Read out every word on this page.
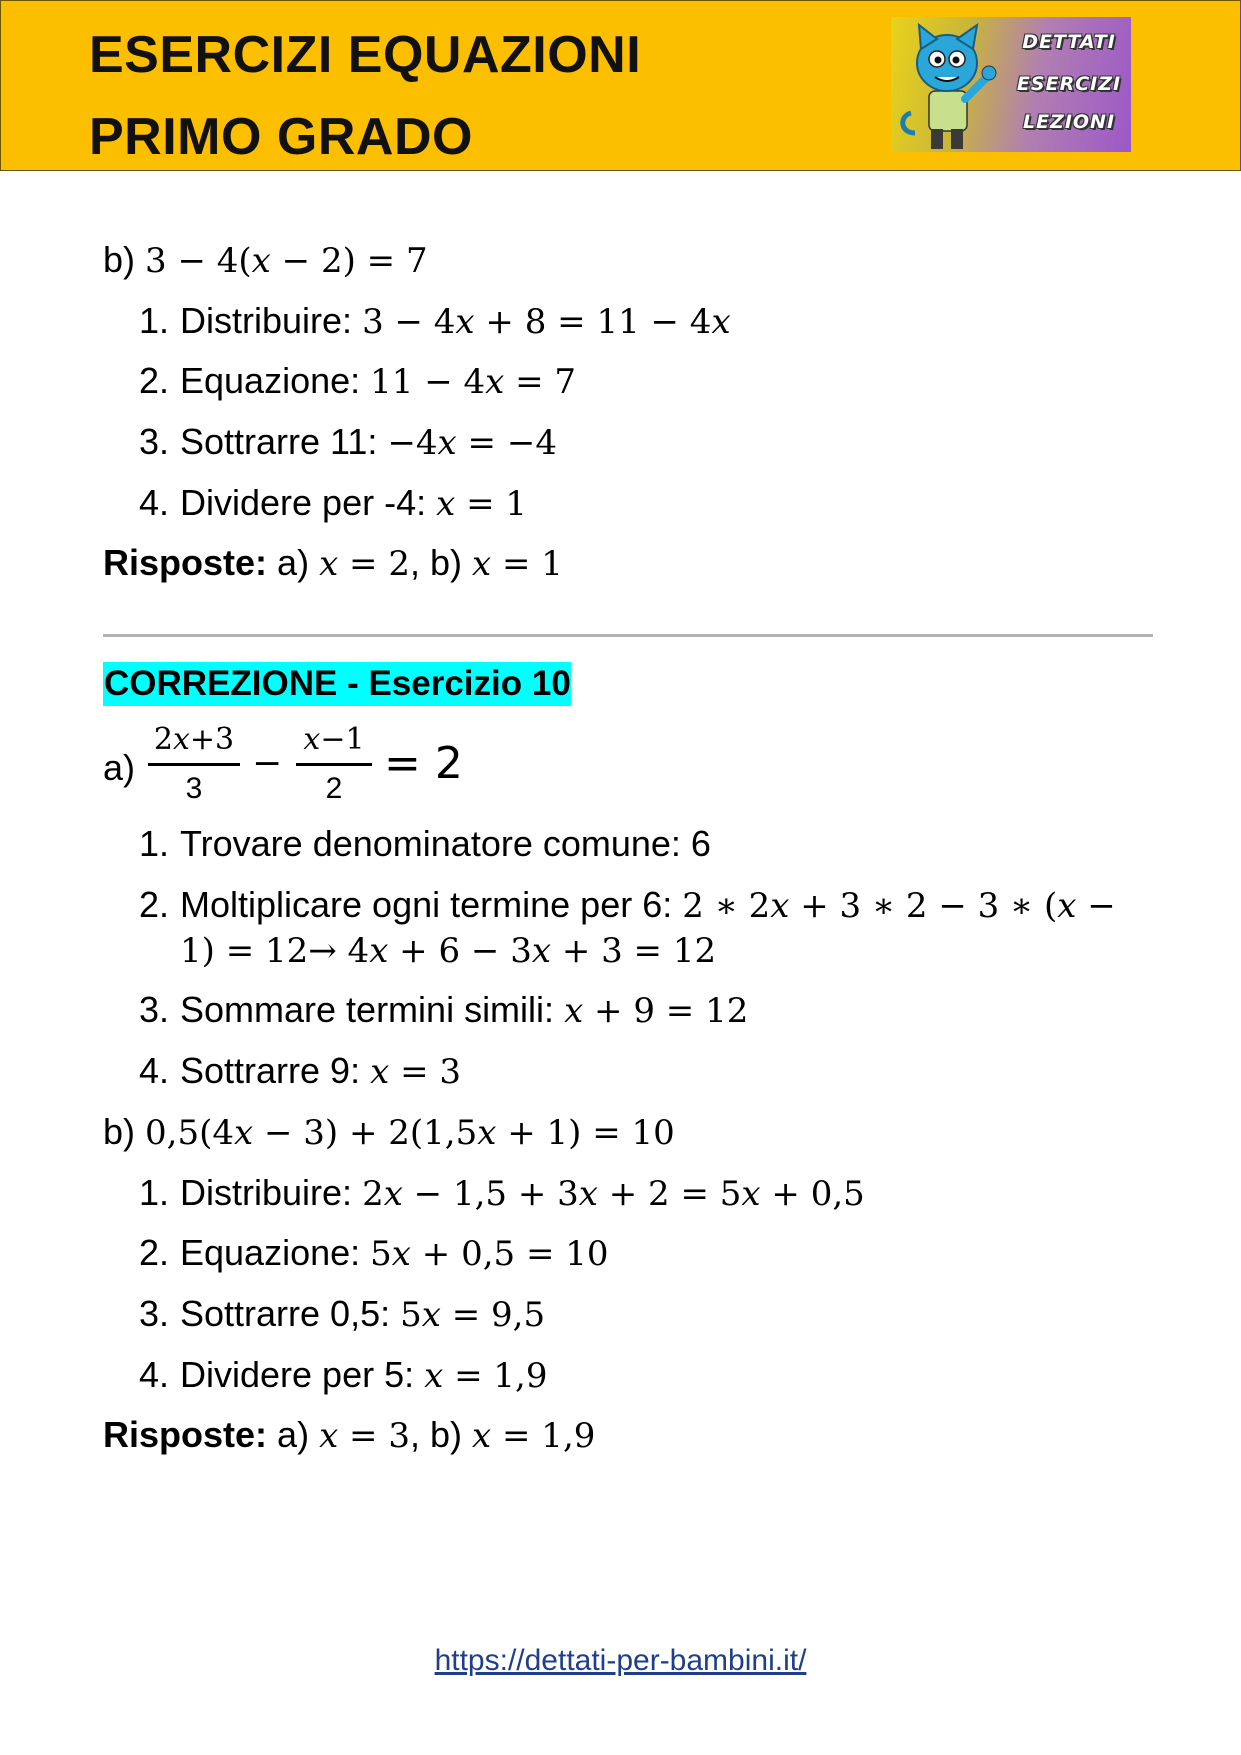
ESERCIZI EQUAZIONI
PRIMO GRADO
DETTATI
ESERCIZI
LEZIONI
b) 3 − 4(𝑥 − 2) = 7
1. Distribuire: 3 − 4𝑥 + 8 = 11 − 4𝑥
2. Equazione: 11 − 4𝑥 = 7
3. Sottrarre 11: −4𝑥 = −4
4. Dividere per -4: 𝑥 = 1
Risposte: a) 𝑥 = 2, b) 𝑥 = 1
CORREZIONE - Esercizio 10
a)
2𝑥+3
3
−
𝑥−1
2 = 2
1. Trovare denominatore comune: 6
2. Moltiplicare ogni termine per 6: 2 ∗ 2𝑥 + 3 ∗ 2 − 3 ∗ (𝑥 −
1) = 12→ 4𝑥 + 6 − 3𝑥 + 3 = 12
3. Sommare termini simili: 𝑥 + 9 = 12
4. Sottrarre 9: 𝑥 = 3
b) 0,5(4𝑥 − 3) + 2(1,5𝑥 + 1) = 10
1. Distribuire: 2𝑥 − 1,5 + 3𝑥 + 2 = 5𝑥 + 0,5
2. Equazione: 5𝑥 + 0,5 = 10
3. Sottrarre 0,5: 5𝑥 = 9,5
4. Dividere per 5: 𝑥 = 1,9
Risposte: a) 𝑥 = 3, b) 𝑥 = 1,9
https://dettati-per-bambini.it/
